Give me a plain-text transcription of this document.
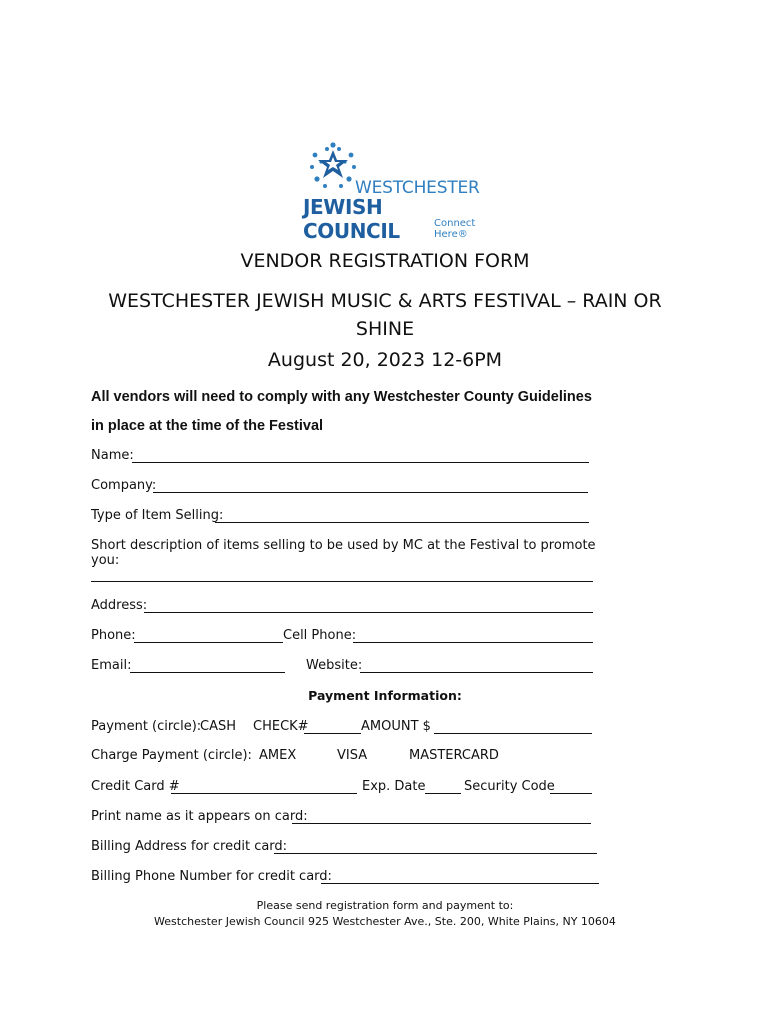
WESTCHESTER
JEWISH COUNCIL	Connect Here®
VENDOR REGISTRATION FORM
WESTCHESTER JEWISH MUSIC & ARTS FESTIVAL – RAIN OR SHINE
August 20, 2023 12-6PM
All vendors will need to comply with any Westchester County Guidelines
in place at the time of the Festival
Name:
Company:
Type of Item Selling:
Short description of items selling to be used by MC at the Festival to promote you:
Address:
Phone:	Cell Phone:
Email:	Website:
Payment Information:
Payment (circle):
CASH CHECK#	AMOUNT $
Charge Payment (circle): AMEX	VISA	MASTERCARD
Credit Card #	Exp. Date	Security Code
Print name as it appears on card:
Billing Address for credit card:
Billing Phone Number for credit card:
Please send registration form and payment to:
Westchester Jewish Council 925 Westchester Ave., Ste. 200, White Plains, NY 10604
